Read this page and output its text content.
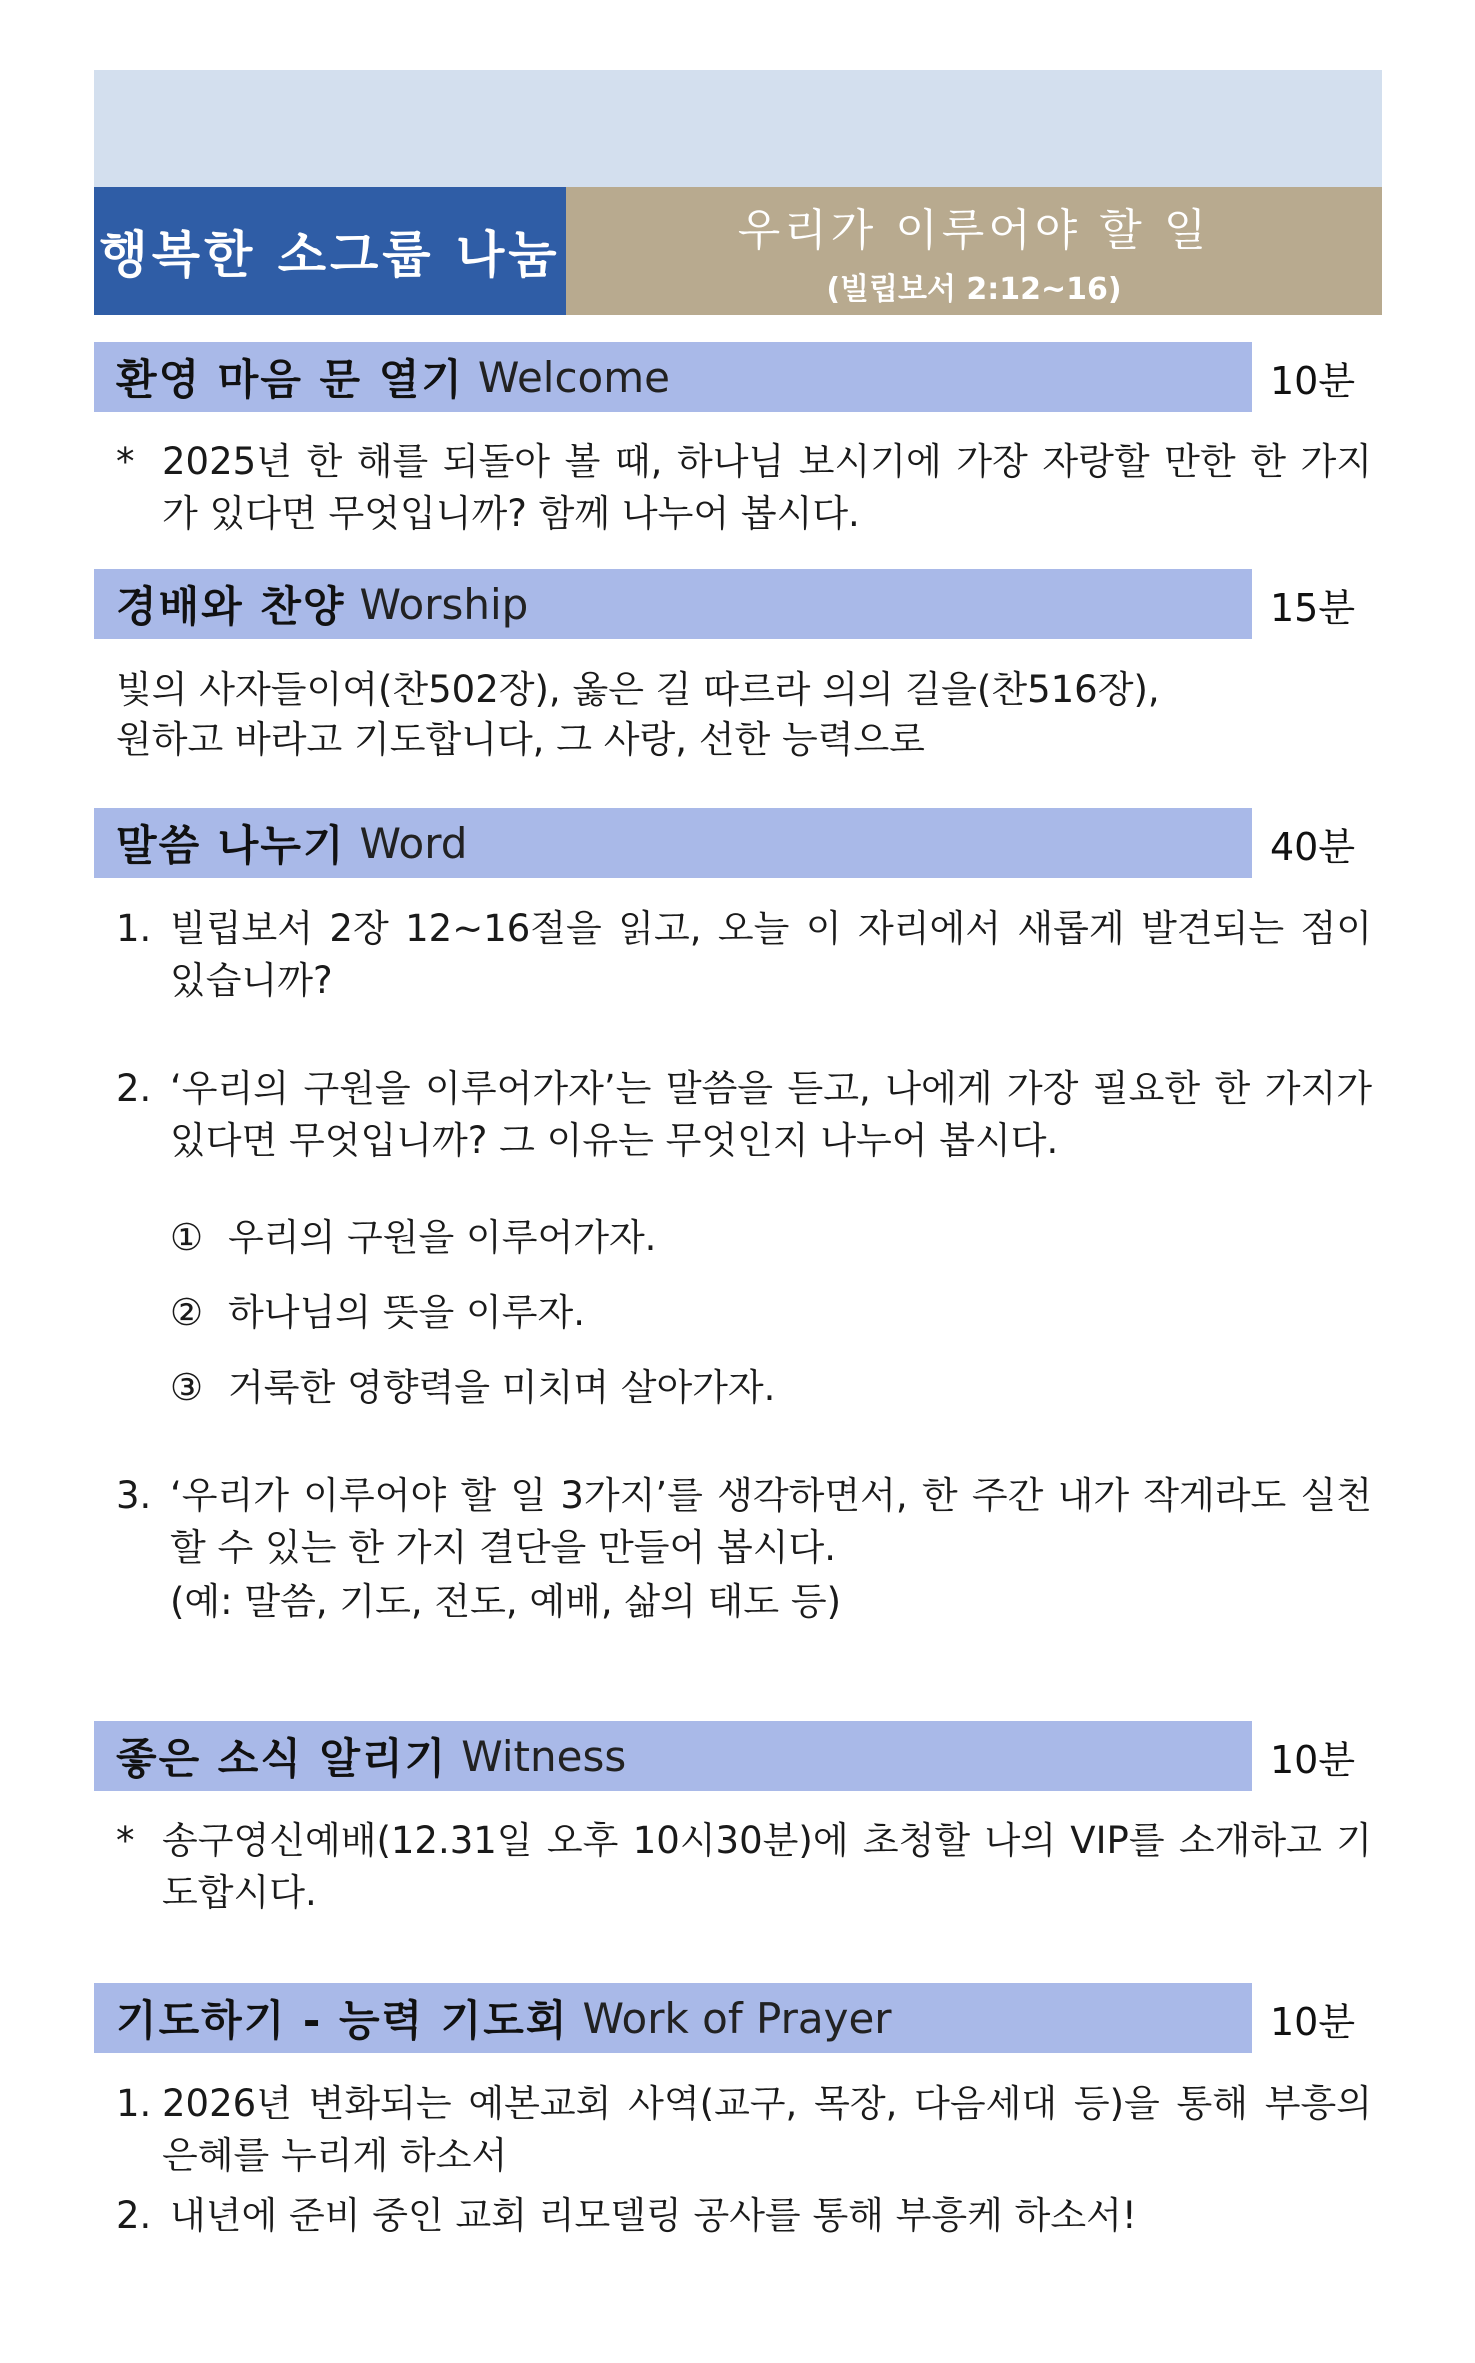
행복한 소그룹 나눔	우리가 이루어야 할 일
(빌립보서 2:12~16)
환영 마음 문 열기 Welcome	10분
* 2025년 한 해를 되돌아 볼 때, 하나님 보시기에 가장 자랑할 만한 한 가지가 있다면 무엇입니까? 함께 나누어 봅시다.
경배와 찬양 Worship	15분
빛의 사자들이여(찬502장), 옳은 길 따르라 의의 길을(찬516장),
원하고 바라고 기도합니다, 그 사랑, 선한 능력으로
말씀 나누기 Word	40분
1. 빌립보서 2장 12~16절을 읽고, 오늘 이 자리에서 새롭게 발견되는 점이 있습니까?
2. ‘우리의 구원을 이루어가자’는 말씀을 듣고, 나에게 가장 필요한 한 가지가 있다면 무엇입니까? 그 이유는 무엇인지 나누어 봅시다.
① 우리의 구원을 이루어가자.
② 하나님의 뜻을 이루자.
③ 거룩한 영향력을 미치며 살아가자.
3. ‘우리가 이루어야 할 일 3가지’를 생각하면서, 한 주간 내가 작게라도 실천할 수 있는 한 가지 결단을 만들어 봅시다.
(예: 말씀, 기도, 전도, 예배, 삶의 태도 등)
좋은 소식 알리기 Witness	10분
* 송구영신예배(12.31일 오후 10시30분)에 초청할 나의 VIP를 소개하고 기도합시다.
기도하기 - 능력 기도회 Work of Prayer	10분
1. 2026년 변화되는 예본교회 사역(교구, 목장, 다음세대 등)을 통해 부흥의 은혜를 누리게 하소서
2. 내년에 준비 중인 교회 리모델링 공사를 통해 부흥케 하소서!
